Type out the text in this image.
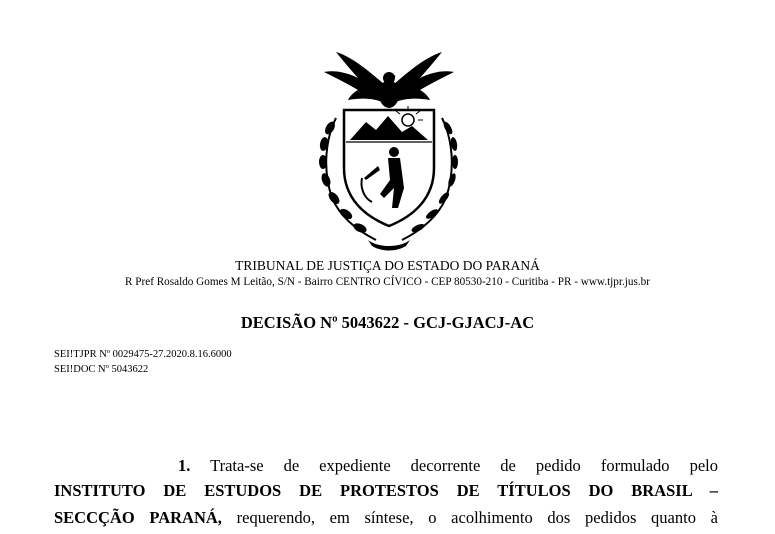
TRIBUNAL DE JUSTIÇA DO ESTADO DO PARANÁ
R Pref Rosaldo Gomes M Leitão, S/N - Bairro CENTRO CÍVICO - CEP 80530-210 - Curitiba - PR - www.tjpr.jus.br
DECISÃO Nº 5043622 - GCJ-GJACJ-AC
SEI!TJPR Nº 0029475-27.2020.8.16.6000
SEI!DOC Nº 5043622
1. Trata-se de expediente decorrente de pedido formulado pelo
INSTITUTO DE ESTUDOS DE PROTESTOS DE TÍTULOS DO BRASIL –
SECCÇÃO PARANÁ, requerendo, em síntese, o acolhimento dos pedidos quanto à
